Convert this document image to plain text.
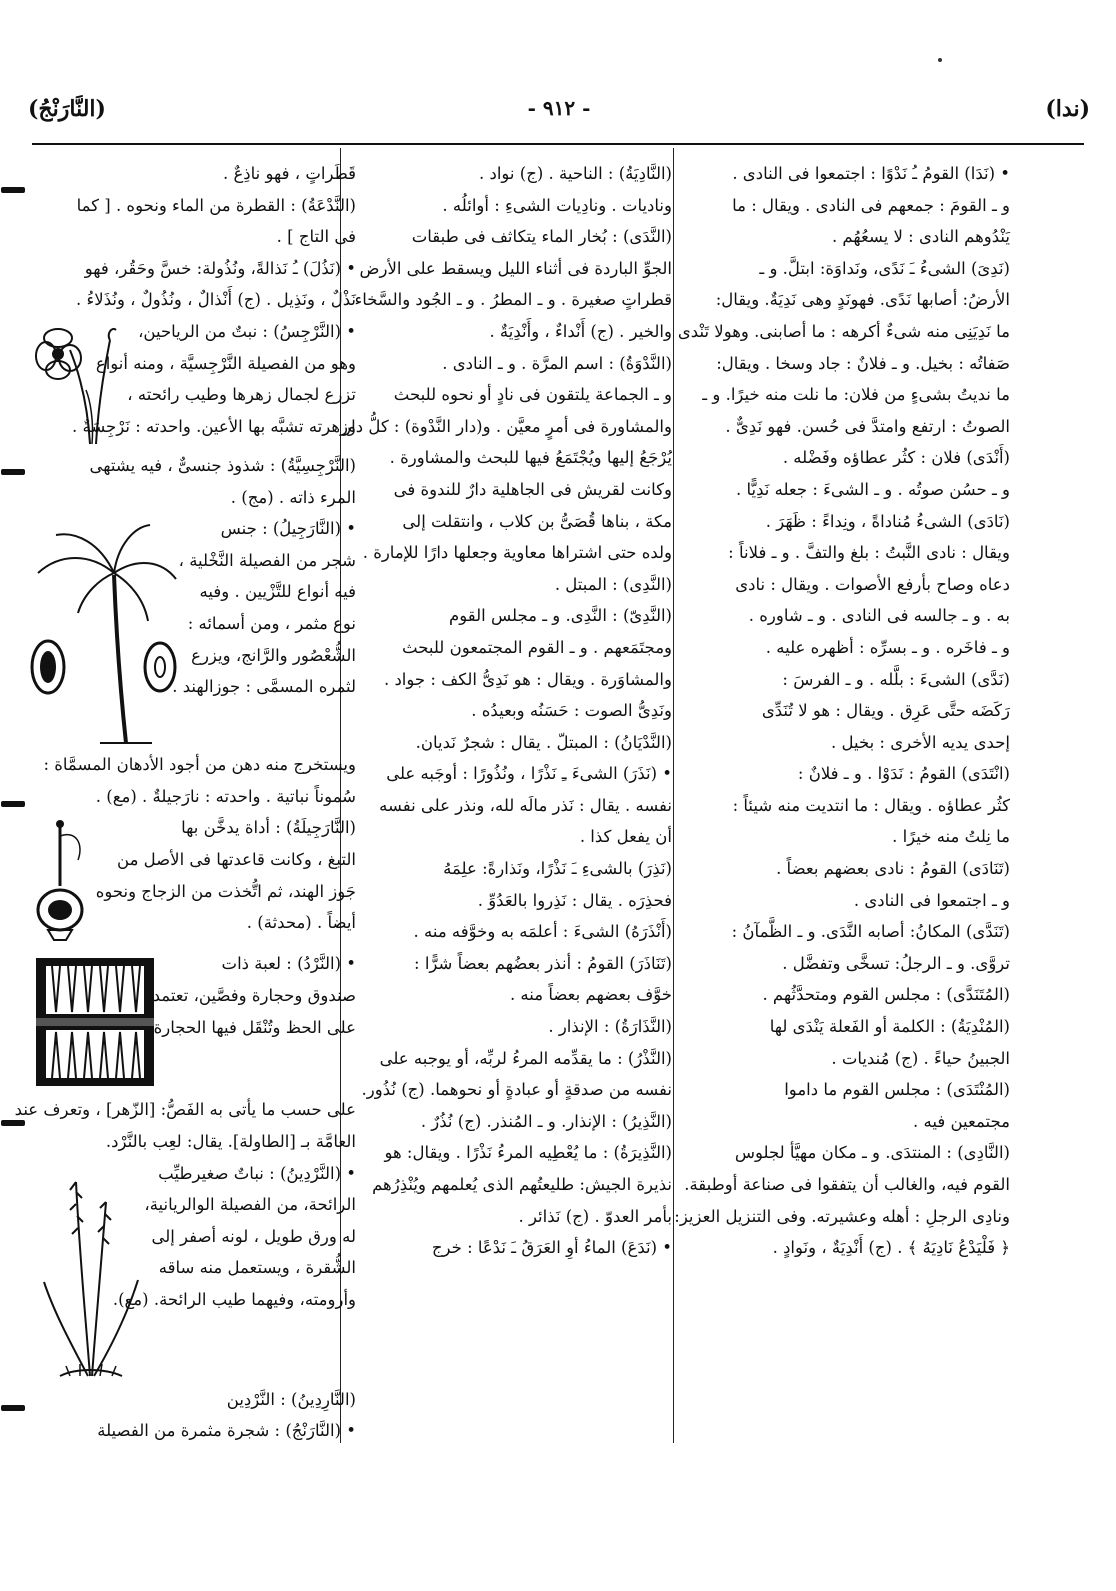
(ندا)
- ٩١٢ -
(النَّارَنْجُ)
• (نَدَا) القومُ ـُ نَدْوًا : اجتمعوا فى النادى .
و ـ القومَ : جمعهم فى النادى . ويقال : ما
يَنْدُوهم النادى : لا يسعُهُم .
(نَدِىَ) الشىءُ ـَ نَدًى، ونَداوَة: ابتلَّ. و ـ
الأرضُ: أصابها نَدًى. فهونَدٍ وهى نَدِيَةٌ. ويقال:
ما نَدِيَنِى منه شىءٌ أكرهه : ما أصابنى. وهولا تَنْدى
صَفاتُه : بخيل. و ـ فلانٌ : جاد وسخا . ويقال:
ما نديتُ بشىءٍ من فلان: ما نلت منه خيرًا. و ـ
الصوتُ : ارتفع وامتدَّ فى حُسن. فهو نَدِىٌّ .
(أَنْدَى) فلان : كثُر عطاؤه وفَضْله .
و ـ حسُن صوتُه . و ـ الشىءَ : جعله نَدِيًّا .
(نَادَى) الشىءُ مُناداةً ، ونِداءً : ظَهَرَ .
ويقال : نادى النَّبتُ : بلغ والتفَّ . و ـ فلاناً :
دعاه وصاح بأرفع الأصوات . ويقال : نادى
به . و ـ جالسه فى النادى . و ـ شاوره .
و ـ فاخَره . و ـ بسرِّه : أظهره عليه .
(نَدَّى) الشىءَ : بلَّله . و ـ الفرسَ :
رَكَضَه حتَّى عَرِق . ويقال : هو لا تُنَدِّى
إحدى يديه الأخرى : بخيل .
(انْتَدَى) القومُ : نَدَوْا . و ـ فلانٌ :
كثُر عطاؤه . ويقال : ما انتديت منه شيئاً :
ما نِلتُ منه خيرًا .
(تَنَادَى) القومُ : نادى بعضهم بعضاً .
و ـ اجتمعوا فى النادى .
(تَنَدَّى) المكانُ: أصابه النَّدَى. و ـ الظَّمآنُ :
تروَّى. و ـ الرجلُ: تسخَّى وتفضَّل .
(المُتَنَدَّى) : مجلس القوم ومتحدَّثُهم .
(المُنْدِيَةُ) : الكلمة أو الفَعلة يَنْدَى لها
الجبينُ حياءً . (ج) مُنديات .
(المُنْتَدَى) : مجلس القوم ما داموا
مجتمعين فيه .
(النَّادِى) : المنتدَى. و ـ مكان مهيَّأ لجلوس
القوم فيه، والغالب أن يتفقوا فى صناعة أوطبقة.
ونادِى الرجلِ : أهله وعشيرته. وفى التنزيل العزيز:
﴿ فَلْيَدْعُ نَادِيَهُ ﴾ . (ج) أَنْدِيَةٌ ، ونَوادٍ .
(النَّادِيَةُ) : الناحية . (ج) نواد .
وناديات . ونادِيات الشىءِ : أوائلُه .
(النَّدَى) : بُخار الماء يتكاثف فى طبقات
الجوِّ الباردة فى أثناء الليل ويسقط على الأرض
قطراتٍ صغيرة . و ـ المطرُ . و ـ الجُود والسَّخاء
والخير . (ج) أَنْداءٌ ، وأَنْدِيَةٌ .
(النَّدْوَةُ) : اسم المرَّة . و ـ النادى .
و ـ الجماعة يلتقون فى نادٍ أو نحوه للبحث
والمشاورة فى أمرٍ معيَّن . و(دار النَّدْوة) : كلُّ دار
يُرْجَعُ إليها ويُجْتَمَعُ فيها للبحث والمشاورة .
وكانت لقريش فى الجاهلية دارٌ للندوة فى
مكة ، بناها قُصَىُّ بن كلاب ، وانتقلت إلى
ولده حتى اشتراها معاوية وجعلها دارًا للإمارة .
(النَّدِى) : المبتل .
(النَّدِىّ) : النَّدِى. و ـ مجلس القوم
ومجتَمَعهم . و ـ القوم المجتمعون للبحث
والمشاوَرة . ويقال : هو نَدِىُّ الكف : جواد .
ونَدِىُّ الصوت : حَسَنُه وبعيدُه .
(النَّدْيَانُ) : المبتلّ . يقال : شجرٌ نَديان.
• (نَذَرَ) الشىءَ ـِ نَذْرًا ، ونُذُورًا : أوجَبه على
نفسه . يقال : نَذر مالَه لله، ونذر على نفسه
أن يفعل كذا .
(نَذِرَ) بالشىءِ ـَ نَذْرًا، ونَذارةً: علِمَهُ
فحذِرَه . يقال : نَذِروا بالعَدُوِّ .
(أَنْذَرَهُ) الشىءَ : أعلمَه به وخوَّفه منه .
(تَنَاذَرَ) القومُ : أنذر بعضُهم بعضاً شرًّا :
خوَّف بعضهم بعضاً منه .
(النَّذَارَةُ) : الإنذار .
(النَّذْرُ) : ما يقدِّمه المرءُ لربِّه، أو يوجبه على
نفسه من صدقةٍ أو عبادةٍ أو نحوهما. (ج) نُذُور.
(النَّذِيرُ) : الإنذار. و ـ المُنذر. (ج) نُذُرٌ .
(النَّذِيرَةُ) : ما يُعْطِيه المرءُ نَذْرًا . ويقال: هو
نذيرة الجيش: طليعتُهم الذى يُعلمهم ويُنْذِرُهم
بأمر العدوّ . (ج) نَذائر .
• (نَدَعَ) الماءُ أوِ العَرَقُ ـَ نَدْعًا : خرج
قَطَراتٍ ، فهو ناذِعٌ .
(النَّدْعَةُ) : القطرة من الماء ونحوه . [ كما
فى التاج ] .
• (نَذُلَ) ـُ نَذالةً، ونُذُولة: خسَّ وحَقُر، فهو
نَذْلٌ ، ونَذِيل . (ج) أَنْذالٌ ، ونُذُولٌ ، ونُذَلاءُ .
• (النَّرْجِسُ) : نبتٌ من الرياحين،
وهو من الفصيلة النَّرْجِسيَّة ، ومنه أنواع
تزرع لجمال زهرها وطيب رائحته ،
وزهرته تشبَّه بها الأعين. واحدته : نَرْجِسَةٌ .
(النَّرْجِسِيَّةُ) : شذوذ جنسىٌّ ، فيه يشتهى
المرء ذاته . (مج) .
• (النَّارَجِيلُ) : جنس
شجر من الفصيلة النَّخْلية ،
فيه أنواع للتَّزْيين . وفيه
نوع مثمر ، ومن أسمائه :
الشُّعْصُور والرَّانج، ويزرع
لثمره المسمَّى : جوزالهند .
ويستخرج منه دهن من أجود الأدهان المسمَّاة :
سُموناً نباتية . واحدته : نارَجيلةٌ . (مع) .
(النَّارَجِيلَةُ) : أداة يدخَّن بها
التبغ ، وكانت قاعدتها فى الأصل من
جَوز الهند، ثم اتُّخذت من الزجاج ونحوه
أيضاً . (محدثة) .
• (النَّرْدُ) : لعبة ذات
صندوق وحجارة وفصَّين، تعتمد
على الحظ وتُنْقَل فيها الحجارة
على حسب ما يأتى به الفَصُّ: [الزّهر] ، وتعرف عند
العامَّة بـ [الطاولة]. يقال: لعِب بالنَّرْد.
• (النَّرْدِينُ) : نباتٌ صغيرطيِّب
الرائحة، من الفصيلة الوالريانية،
له ورق طويل ، لونه أصفر إلى
الشُّقرة ، ويستعمل منه ساقه
وأرومته، وفيهما طيب الرائحة. (مع).
(النَّارِدِينُ) : النَّرْدِين
• (النَّارَنْجُ) : شجرة مثمرة من الفصيلة
